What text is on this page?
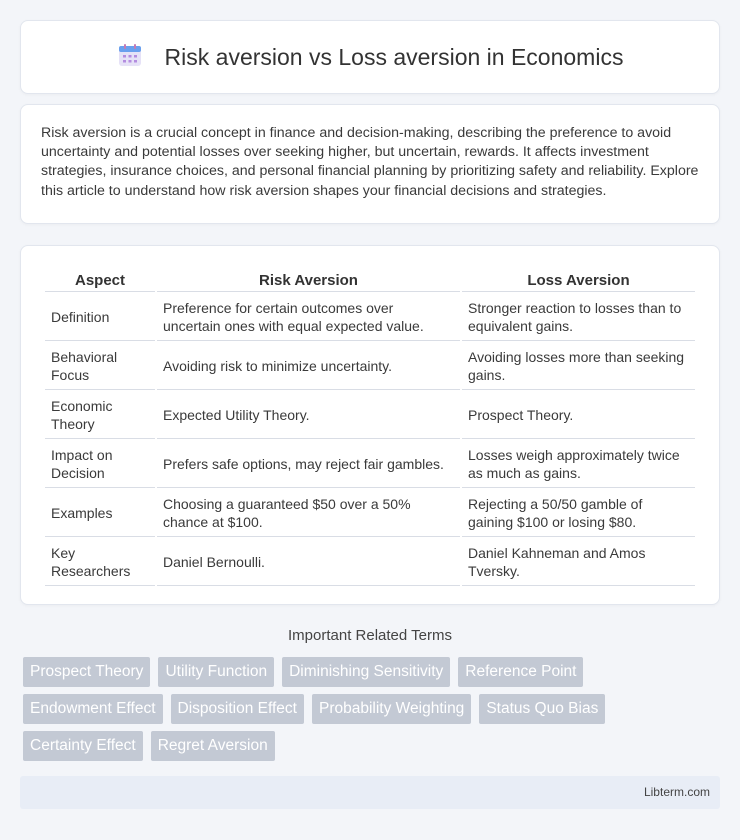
Risk aversion vs Loss aversion in Economics

Risk aversion is a crucial concept in finance and decision-making, describing the preference to avoid uncertainty and potential losses over seeking higher, but uncertain, rewards. It affects investment strategies, insurance choices, and personal financial planning by prioritizing safety and reliability. Explore this article to understand how risk aversion shapes your financial decisions and strategies.

Aspect	Risk Aversion	Loss Aversion
Definition	Preference for certain outcomes over uncertain ones with equal expected value.	Stronger reaction to losses than to equivalent gains.
Behavioral Focus	Avoiding risk to minimize uncertainty.	Avoiding losses more than seeking gains.
Economic Theory	Expected Utility Theory.	Prospect Theory.
Impact on Decision	Prefers safe options, may reject fair gambles.	Losses weigh approximately twice as much as gains.
Examples	Choosing a guaranteed $50 over a 50% chance at $100.	Rejecting a 50/50 gamble of gaining $100 or losing $80.
Key Researchers	Daniel Bernoulli.	Daniel Kahneman and Amos Tversky.
Important Related Terms
Prospect Theory	Utility Function	Diminishing Sensitivity	Reference Point
Endowment Effect	Disposition Effect	Probability Weighting	Status Quo Bias
Certainty Effect	Regret Aversion
Libterm.com
